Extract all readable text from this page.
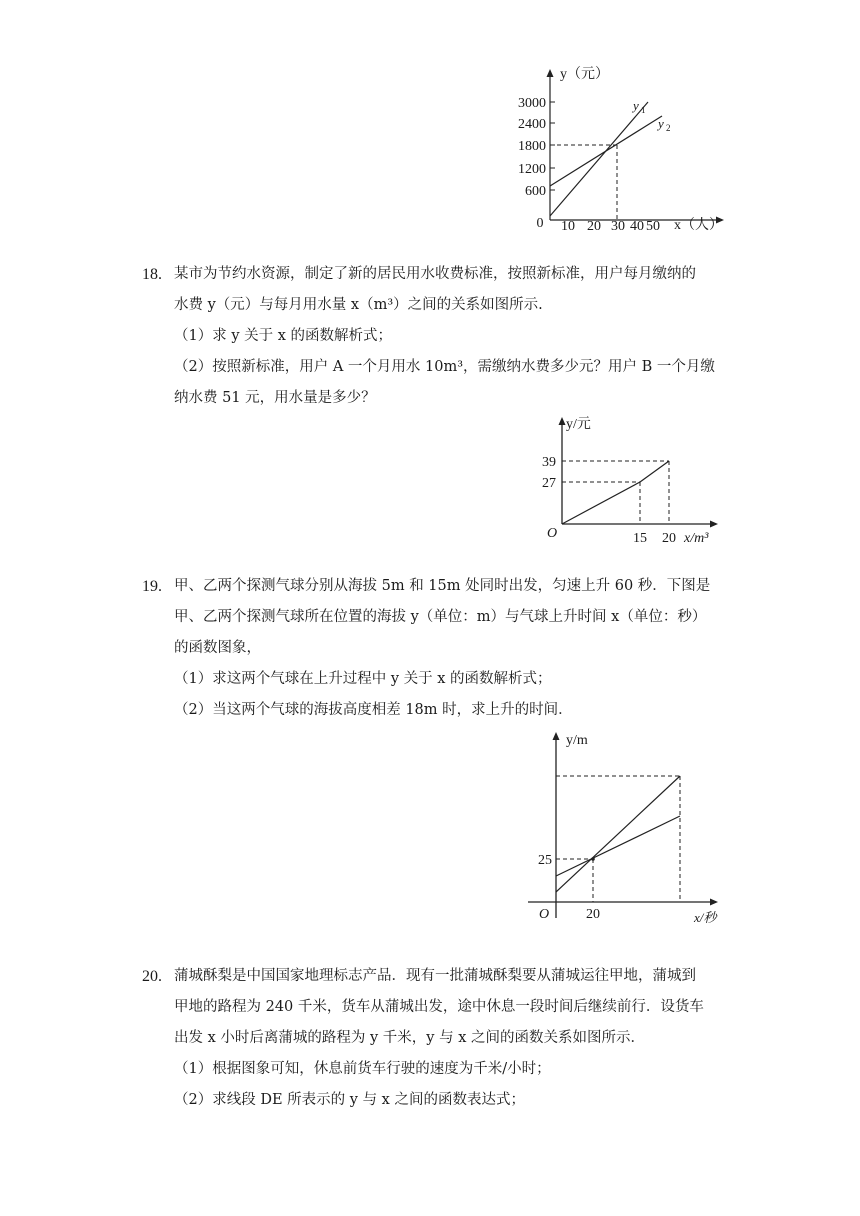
3000
2400
1800
1200
600
0 10 20 30 40 50
y 1
y 2
y（元）
x（人）
18. 某市为节约水资源，制定了新的居民用水收费标准，按照新标准，用户每月缴纳的
水费 y（元）与每月用水量 x（m³）之间的关系如图所示.
（1）求 y 关于 x 的函数解析式；
（2）按照新标准，用户 A 一个月用水 10m³，需缴纳水费多少元？用户 B 一个月缴
纳水费 51 元，用水量是多少？
y/元
39
27
O	15 20 x/m³
19. 甲、乙两个探测气球分别从海拔 5m 和 15m 处同时出发，匀速上升 60 秒．下图是
甲、乙两个探测气球所在位置的海拔 y（单位：m）与气球上升时间 x（单位：秒）
的函数图象，
（1）求这两个气球在上升过程中 y 关于 x 的函数解析式；
（2）当这两个气球的海拔高度相差 18m 时，求上升的时间．
y/m
25
O	20	x/秒
20. 蒲城酥梨是中国国家地理标志产品．现有一批蒲城酥梨要从蒲城运往甲地，蒲城到
甲地的路程为 240 千米，货车从蒲城出发，途中休息一段时间后继续前行．设货车
出发 x 小时后离蒲城的路程为 y 千米，y 与 x 之间的函数关系如图所示．
（1）根据图象可知，休息前货车行驶的速度为千米/小时；
（2）求线段 DE 所表示的 y 与 x 之间的函数表达式；
